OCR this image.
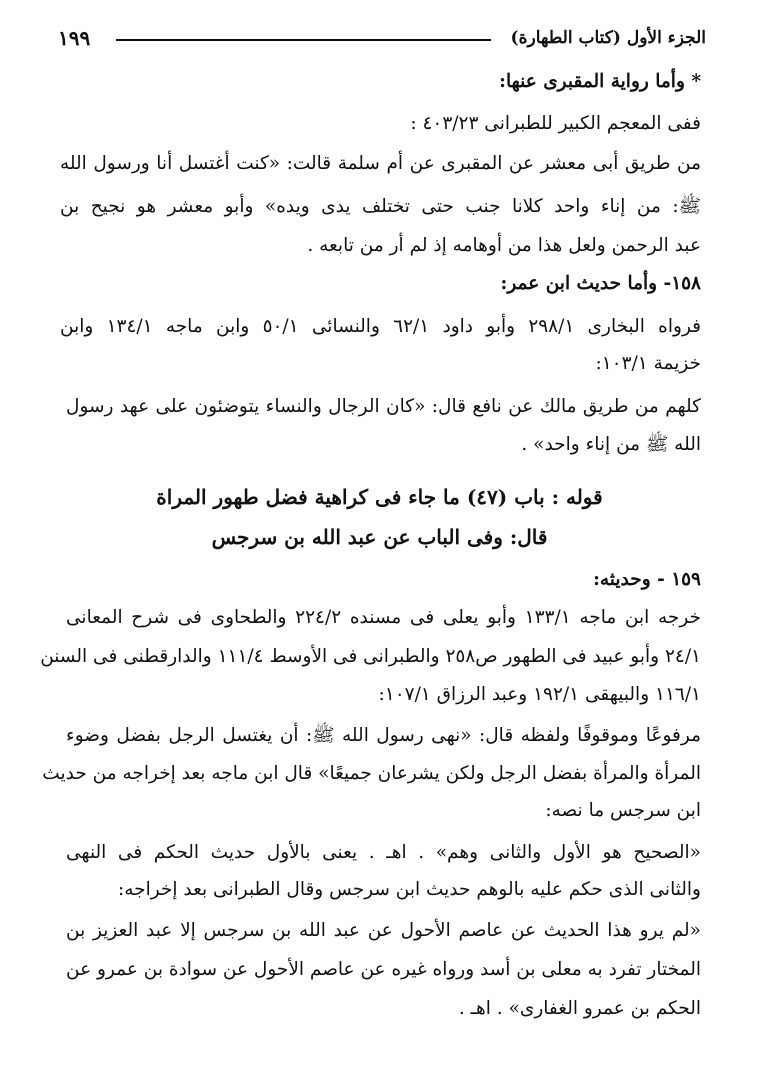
١٩٩	الجزء الأول (كتاب الطهارة)
* وأما رواية المقبرى عنها:
ففى المعجم الكبير للطبرانى ٤٠٣/٢٣ :
من طريق أبى معشر عن المقبرى عن أم سلمة قالت: «كنت أغتسل أنا ورسول الله
ﷺ: من إناء واحد كلانا جنب حتى تختلف يدى ويده» وأبو معشر هو نجيح بن
عبد الرحمن ولعل هذا من أوهامه إذ لم أر من تابعه .
١٥٨- وأما حديث ابن عمر:
فرواه البخارى ٢٩٨/١ وأبو داود ٦٢/١ والنسائى ٥٠/١ وابن ماجه ١٣٤/١ وابن
خزيمة ١٠٣/١:
كلهم من طريق مالك عن نافع قال: «كان الرجال والنساء يتوضئون على عهد رسول
الله ﷺ من إناء واحد» .
قوله : باب (٤٧) ما جاء فى كراهية فضل طهور المراة
قال: وفى الباب عن عبد الله بن سرجس
١٥٩ - وحديثه:
خرجه ابن ماجه ١٣٣/١ وأبو يعلى فى مسنده ٢٢٤/٢ والطحاوى فى شرح المعانى
٢٤/١ وأبو عبيد فى الطهور ص٢٥٨ والطبرانى فى الأوسط ١١١/٤ والدارقطنى فى السنن
١١٦/١ والبيهقى ١٩٢/١ وعبد الرزاق ١٠٧/١:
مرفوعًا وموقوفًا ولفظه قال: «نهى رسول الله ﷺ: أن يغتسل الرجل بفضل وضوء
المرأة والمرأة بفضل الرجل ولكن يشرعان جميعًا» قال ابن ماجه بعد إخراجه من حديث
ابن سرجس ما نصه:
«الصحيح هو الأول والثانى وهم» . اهـ . يعنى بالأول حديث الحكم فى النهى
والثانى الذى حكم عليه بالوهم حديث ابن سرجس وقال الطبرانى بعد إخراجه:
«لم يرو هذا الحديث عن عاصم الأحول عن عبد الله بن سرجس إلا عبد العزيز بن
المختار تفرد به معلى بن أسد ورواه غيره عن عاصم الأحول عن سوادة بن عمرو عن
الحكم بن عمرو الغفارى» . اهـ .
